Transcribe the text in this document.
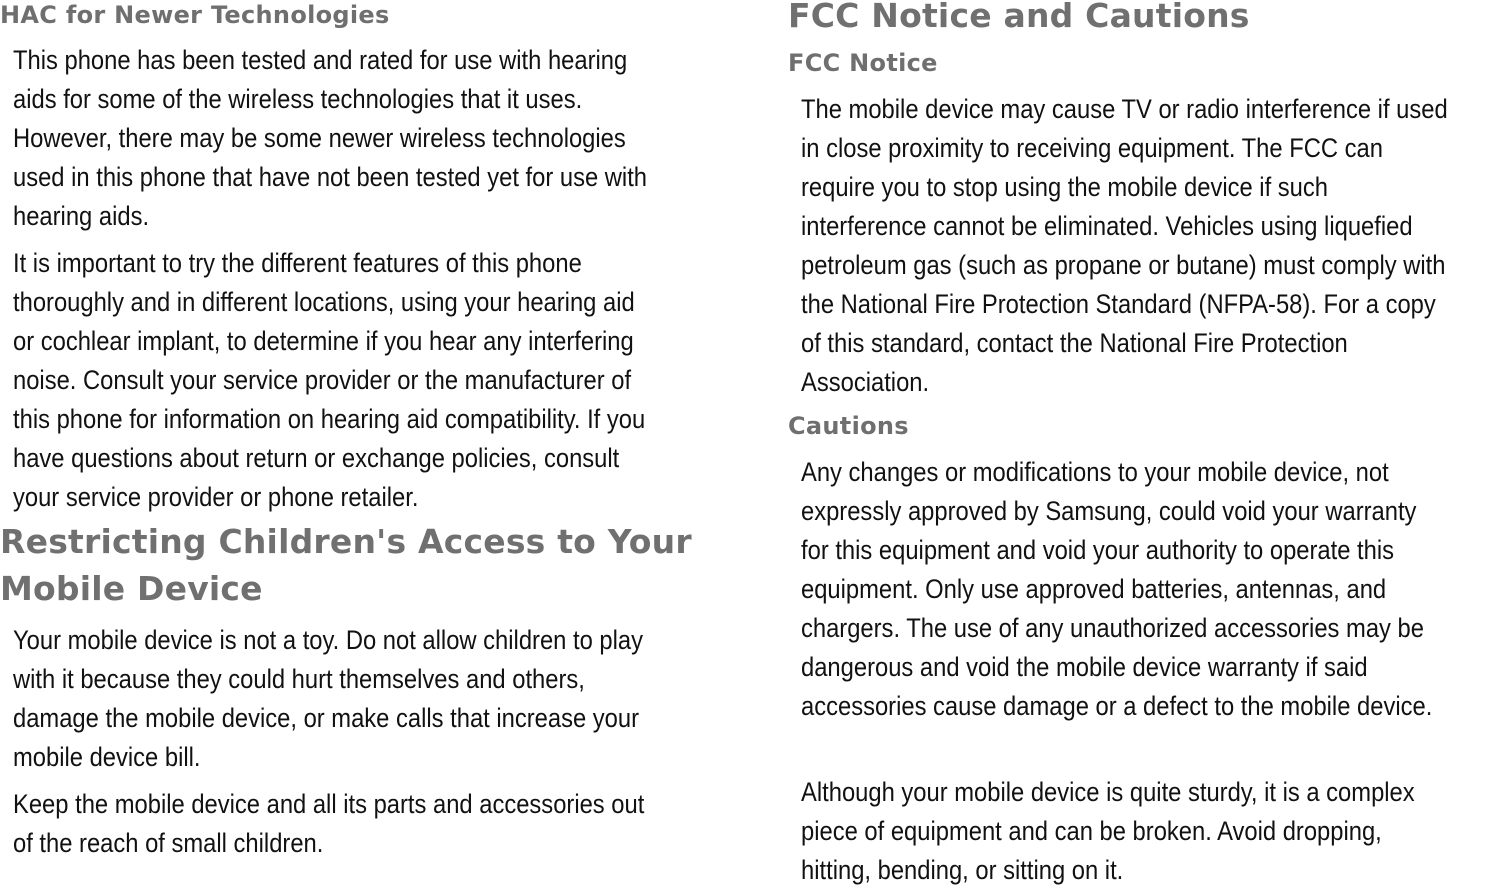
HAC for Newer Technologies
This phone has been tested and rated for use with hearing
aids for some of the wireless technologies that it uses.
However, there may be some newer wireless technologies
used in this phone that have not been tested yet for use with
hearing aids.
It is important to try the different features of this phone
thoroughly and in different locations, using your hearing aid
or cochlear implant, to determine if you hear any interfering
noise. Consult your service provider or the manufacturer of
this phone for information on hearing aid compatibility. If you
have questions about return or exchange policies, consult
your service provider or phone retailer.
Restricting Children's Access to Your
Mobile Device
Your mobile device is not a toy. Do not allow children to play
with it because they could hurt themselves and others,
damage the mobile device, or make calls that increase your
mobile device bill.
Keep the mobile device and all its parts and accessories out
of the reach of small children.
FCC Notice and Cautions
FCC Notice
The mobile device may cause TV or radio interference if used
in close proximity to receiving equipment. The FCC can
require you to stop using the mobile device if such
interference cannot be eliminated. Vehicles using liquefied
petroleum gas (such as propane or butane) must comply with
the National Fire Protection Standard (NFPA-58). For a copy
of this standard, contact the National Fire Protection
Association.
Cautions
Any changes or modifications to your mobile device, not
expressly approved by Samsung, could void your warranty
for this equipment and void your authority to operate this
equipment. Only use approved batteries, antennas, and
chargers. The use of any unauthorized accessories may be
dangerous and void the mobile device warranty if said
accessories cause damage or a defect to the mobile device.
Although your mobile device is quite sturdy, it is a complex
piece of equipment and can be broken. Avoid dropping,
hitting, bending, or sitting on it.
